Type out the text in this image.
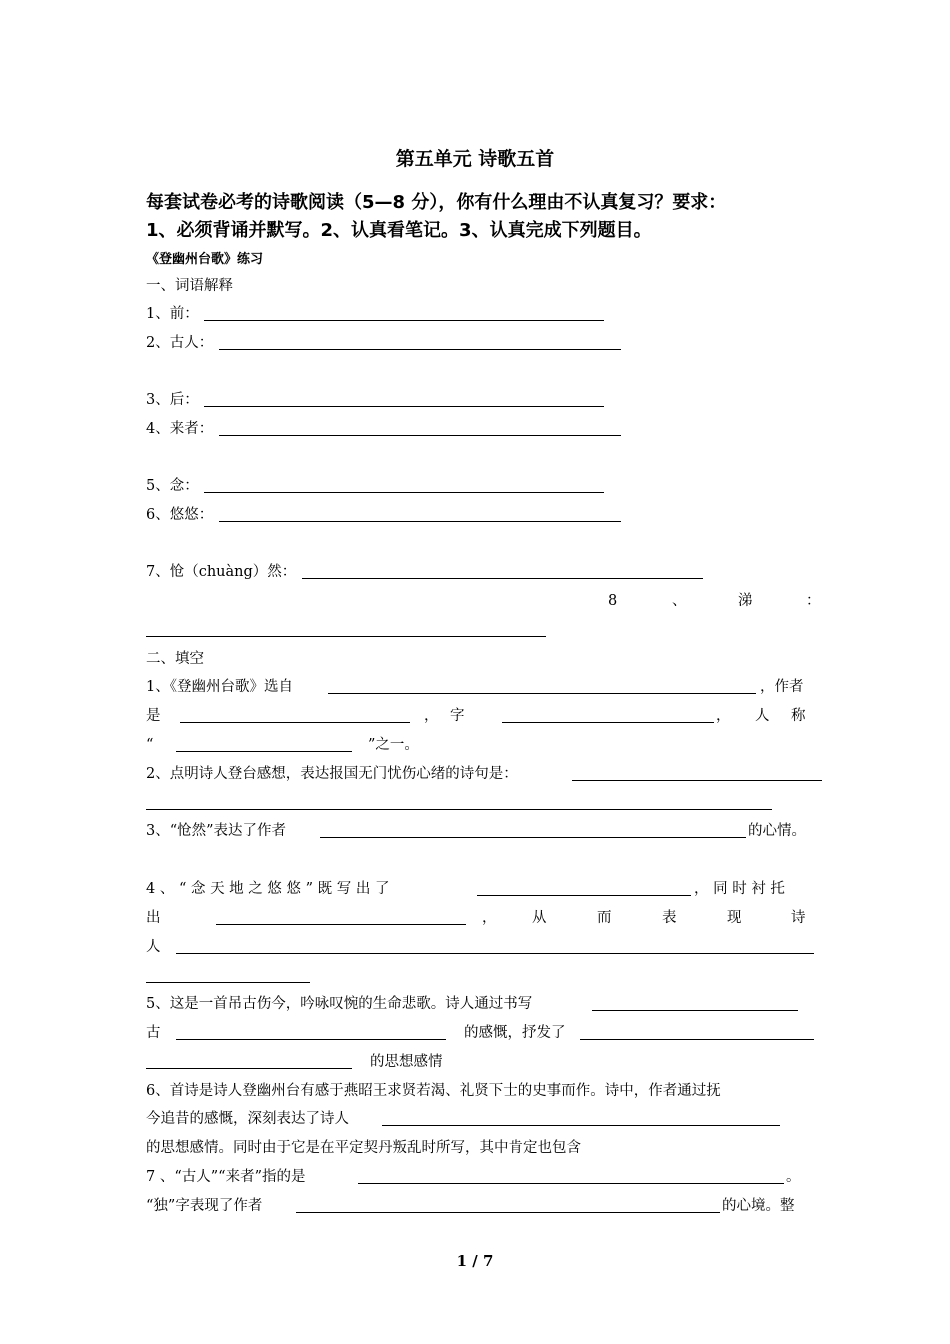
第五单元 诗歌五首
每套试卷必考的诗歌阅读（5—8 分），你有什么理由不认真复习？要求：
1、必须背诵并默写。2、认真看笔记。3、认真完成下列题目。
《登幽州台歌》练习
一、词语解释
1、前：
2、古人：
3、后：
4、来者：
5、念：
6、悠悠：
7、怆（chuàng）然：
8	、	涕	：
二、填空
1、《登幽州台歌》选自	，作者
是	， 字	， 人 称
“	”之一。
2、点明诗人登台感想，表达报国无门忧伤心绪的诗句是：
3、“怆然”表达了作者	的心情。
4 、 “ 念 天 地 之 悠 悠 ” 既 写 出 了	， 同 时 衬 托
出	， 从	而	表	现	诗
人
5、这是一首吊古伤今，吟咏叹惋的生命悲歌。诗人通过书写
古	的感慨，抒发了
的思想感情
6、首诗是诗人登幽州台有感于燕昭王求贤若渴、礼贤下士的史事而作。诗中，作者通过抚
今追昔的感慨，深刻表达了诗人
的思想感情。同时由于它是在平定契丹叛乱时所写，其中肯定也包含
7 、“古人”“来者”指的是	。
“独”字表现了作者	的心境。整
1 / 7
